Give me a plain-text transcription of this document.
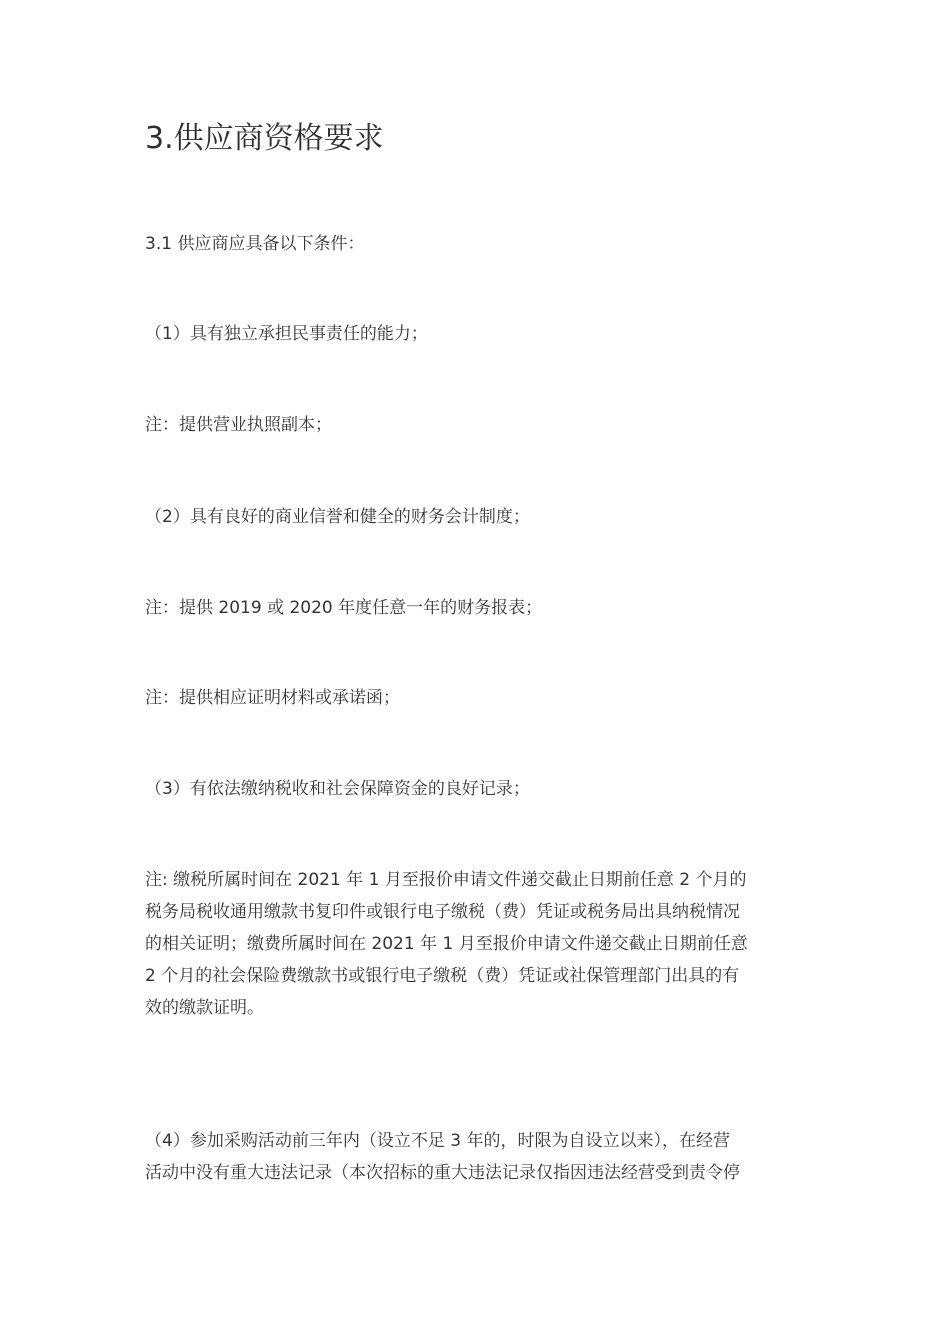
3.供应商资格要求

3.1 供应商应具备以下条件：

（1）具有独立承担民事责任的能力；

注：提供营业执照副本；

（2）具有良好的商业信誉和健全的财务会计制度；

注：提供 2019 或 2020 年度任意一年的财务报表；

注：提供相应证明材料或承诺函；

（3）有依法缴纳税收和社会保障资金的良好记录；

注: 缴税所属时间在 2021 年 1 月至报价申请文件递交截止日期前任意 2 个月的
税务局税收通用缴款书复印件或银行电子缴税（费）凭证或税务局出具纳税情况
的相关证明；缴费所属时间在 2021 年 1 月至报价申请文件递交截止日期前任意
2 个月的社会保险费缴款书或银行电子缴税（费）凭证或社保管理部门出具的有
效的缴款证明。
（4）参加采购活动前三年内（设立不足 3 年的，时限为自设立以来），在经营
活动中没有重大违法记录（本次招标的重大违法记录仅指因违法经营受到责令停
